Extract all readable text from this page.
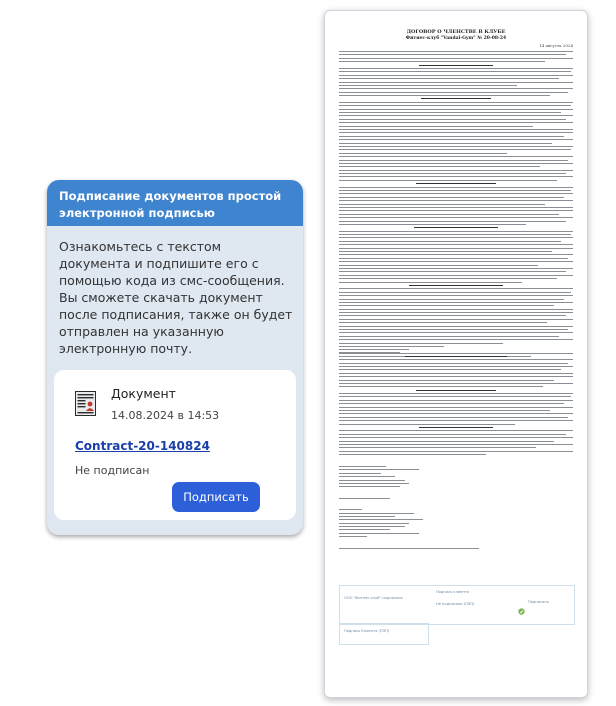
Подписание документов простой электронной подписью
Ознакомьтесь с текстом документа и подпишите его с помощью кода из смс-сообщения. Вы сможете скачать документ после подписания, также он будет отправлен на указанную электронную почту.
Документ
14.08.2024 в 14:53
Contract-20-140824
Не подписан
Подписать
ДОГОВОР О ЧЛЕНСТВЕ В КЛУБЕ
Фитнес-клуб "Vandal-Gym" № 20-08-24
14 августа 2024
ООО "Фитнес-клуб" подписано
Подпись клиента
Не подписано (ПЭП)	Подписано
Подпись Клиента (ПЭП)
